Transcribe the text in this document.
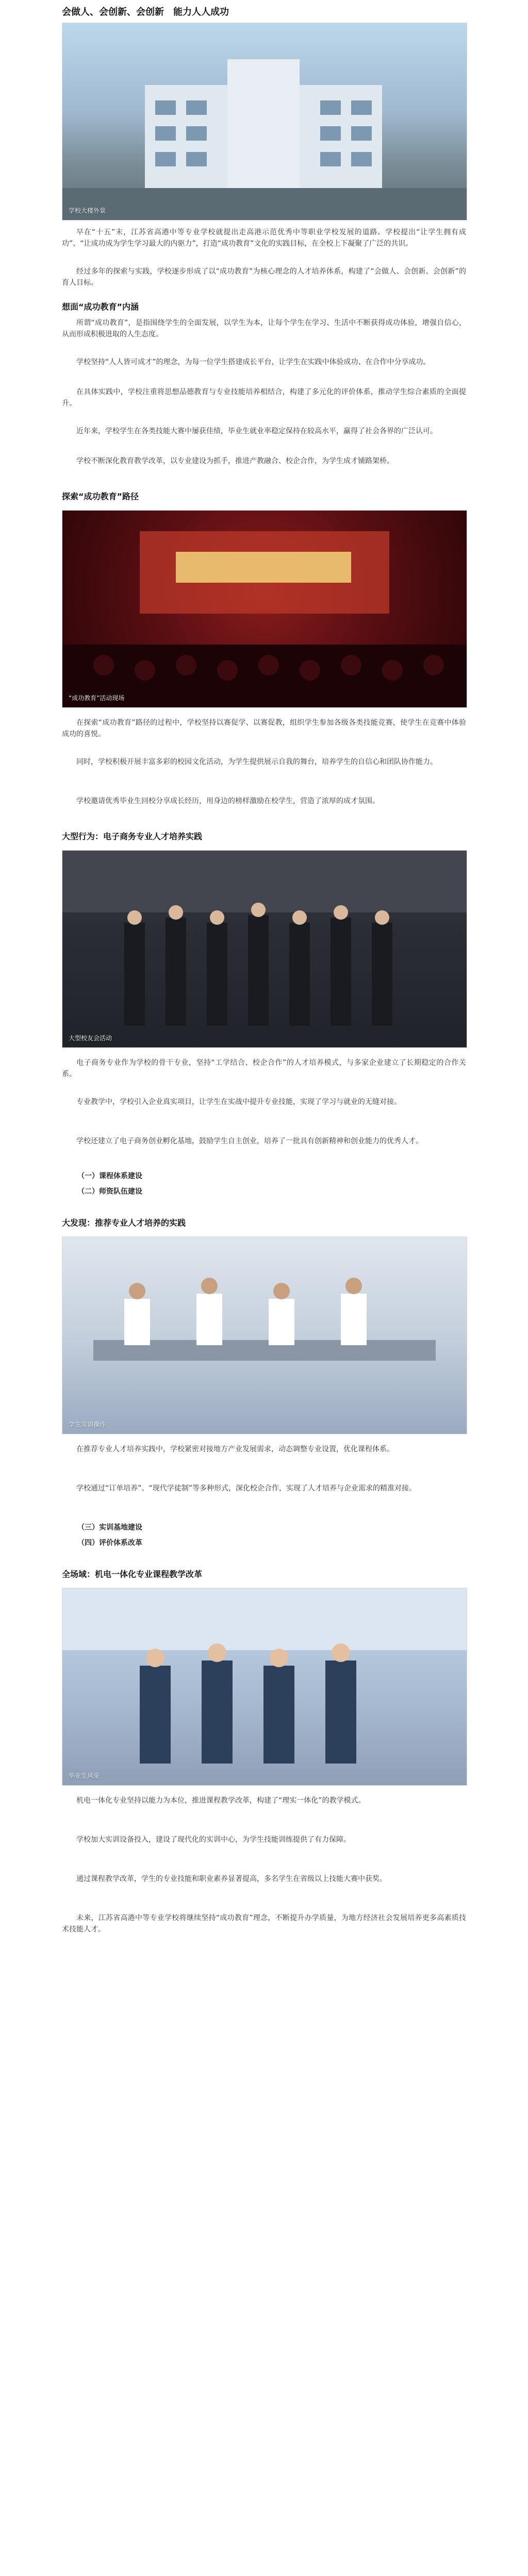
会做人、会创新、会创新　能力人人成功
学校大楼外景
早在“十五”末，江苏省高港中等专业学校就提出走高港示范优秀中等职业学校发展的道路。学校提出“让学生拥有成功”、“让成功成为学生学习最大的内驱力”，打造“成功教育”文化的实践目标，在全校上下凝聚了广泛的共识。
经过多年的探索与实践，学校逐步形成了以“成功教育”为核心理念的人才培养体系，构建了“会做人、会创新、会创新”的育人目标。
想面“成功教育”内涵
所谓“成功教育”，是指围绕学生的全面发展，以学生为本，让每个学生在学习、生活中不断获得成功体验，增强自信心，从而形成积极进取的人生态度。
学校坚持“人人皆可成才”的理念，为每一位学生搭建成长平台，让学生在实践中体验成功、在合作中分享成功。
在具体实践中，学校注重将思想品德教育与专业技能培养相结合，构建了多元化的评价体系，推动学生综合素质的全面提升。
近年来，学校学生在各类技能大赛中屡获佳绩，毕业生就业率稳定保持在较高水平，赢得了社会各界的广泛认可。
学校不断深化教育教学改革，以专业建设为抓手，推进产教融合、校企合作，为学生成才铺路架桥。
探索“成功教育”路径
“成功教育”活动现场
在探索“成功教育”路径的过程中，学校坚持以赛促学、以赛促教，组织学生参加各级各类技能竞赛，使学生在竞赛中体验成功的喜悦。
同时，学校积极开展丰富多彩的校园文化活动，为学生提供展示自我的舞台，培养学生的自信心和团队协作能力。
学校邀请优秀毕业生回校分享成长经历，用身边的榜样激励在校学生，营造了浓厚的成才氛围。
大型行为：电子商务专业人才培养实践
大型校友会活动
电子商务专业作为学校的骨干专业，坚持“工学结合、校企合作”的人才培养模式，与多家企业建立了长期稳定的合作关系。
专业教学中，学校引入企业真实项目，让学生在实战中提升专业技能，实现了学习与就业的无缝对接。
学校还建立了电子商务创业孵化基地，鼓励学生自主创业，培养了一批具有创新精神和创业能力的优秀人才。
（一）课程体系建设
（二）师资队伍建设
大发现：推荐专业人才培养的实践
学生实训操作
在推荐专业人才培养实践中，学校紧密对接地方产业发展需求，动态调整专业设置，优化课程体系。
学校通过“订单培养”、“现代学徒制”等多种形式，深化校企合作，实现了人才培养与企业需求的精准对接。
（三）实训基地建设
（四）评价体系改革
全场域：机电一体化专业课程教学改革
毕业生风采
机电一体化专业坚持以能力为本位，推进课程教学改革，构建了“理实一体化”的教学模式。
学校加大实训设备投入，建设了现代化的实训中心，为学生技能训练提供了有力保障。
通过课程教学改革，学生的专业技能和职业素养显著提高，多名学生在省级以上技能大赛中获奖。
未来，江苏省高港中等专业学校将继续坚持“成功教育”理念，不断提升办学质量，为地方经济社会发展培养更多高素质技术技能人才。
